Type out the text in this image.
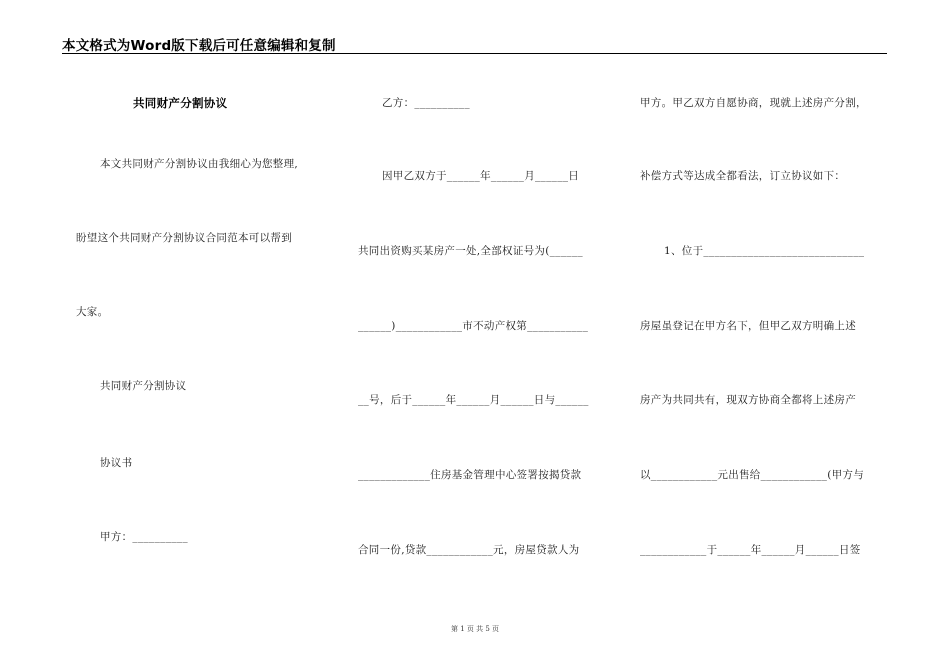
本文格式为Word版下载后可任意编辑和复制
共同财产分割协议
本文共同财产分割协议由我细心为您整理,
盼望这个共同财产分割协议合同范本可以帮到
大家。
共同财产分割协议
协议书
甲方：__________
乙方：__________
因甲乙双方于______年______月______日
共同出资购买某房产一处,全部权证号为(______
______)____________市不动产权第___________
__号，后于______年______月______日与______
_____________住房基金管理中心签署按揭贷款
合同一份,贷款____________元，房屋贷款人为
甲方。甲乙双方自愿协商，现就上述房产分割，
补偿方式等达成全都看法，订立协议如下：
1、位于_____________________________
房屋虽登记在甲方名下，但甲乙双方明确上述
房产为共同共有，现双方协商全都将上述房产
以____________元出售给____________(甲方与
____________于______年______月______日签
第 1 页 共 5 页
